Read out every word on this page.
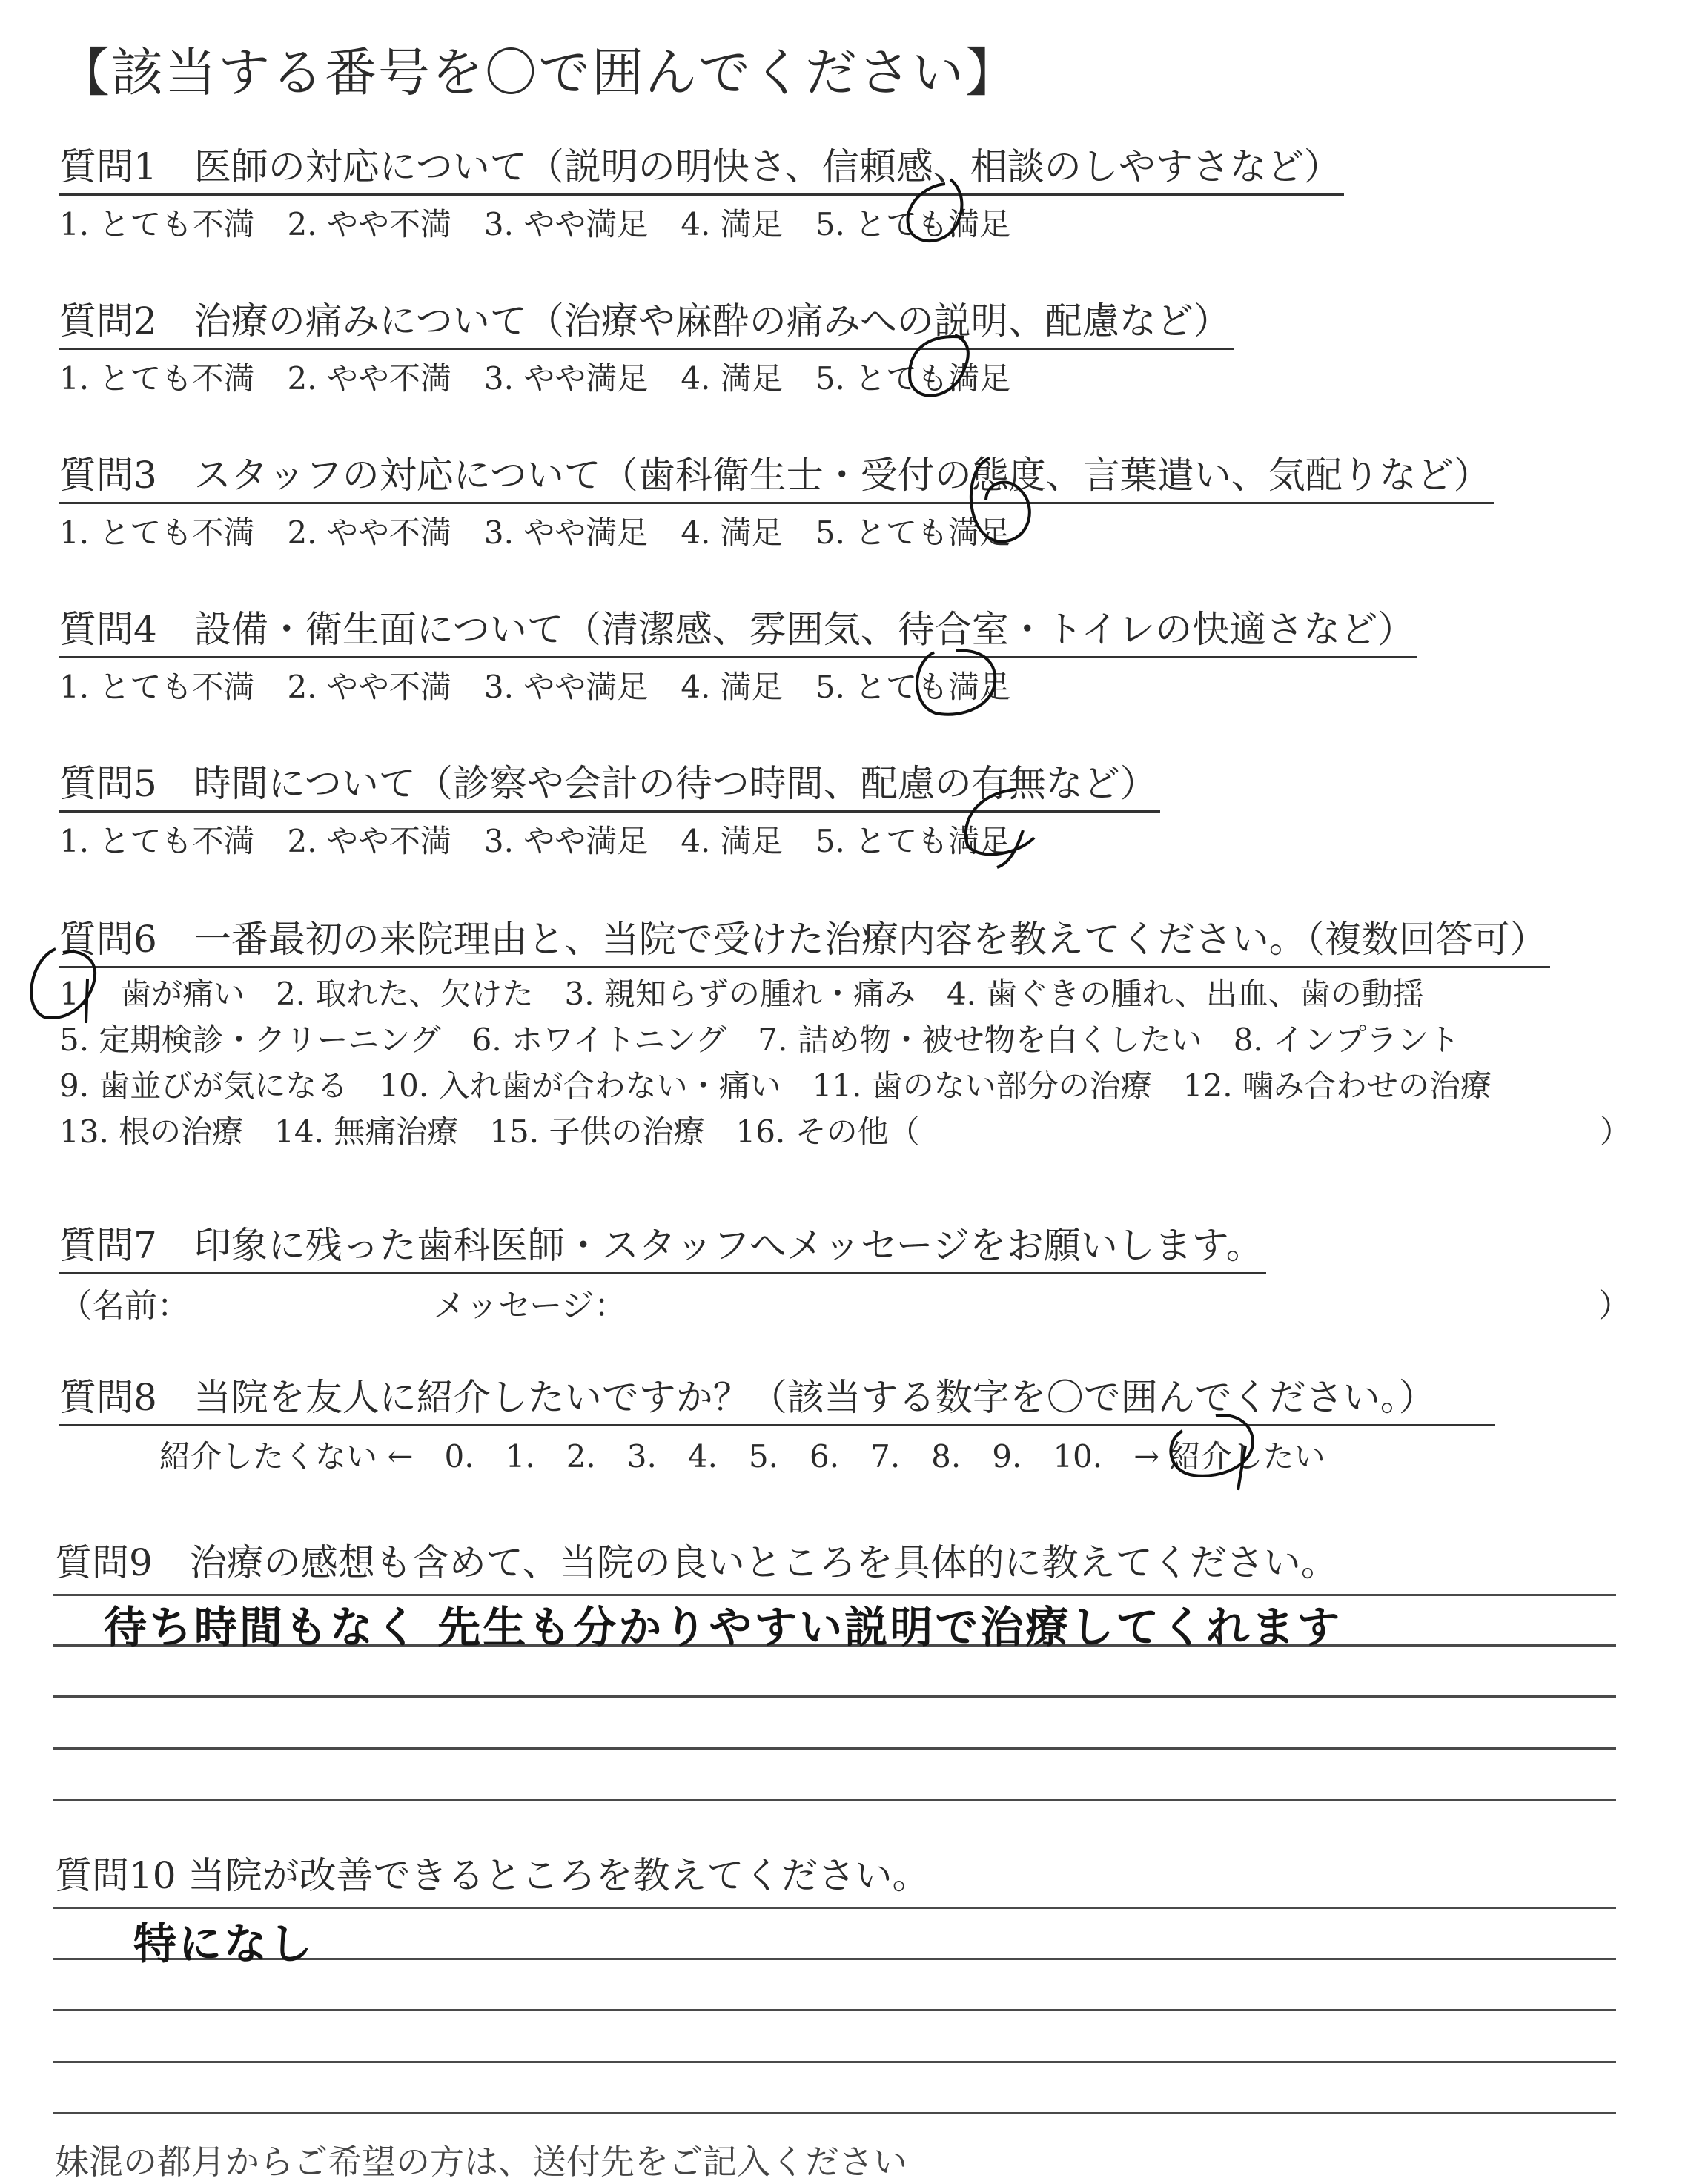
【該当する番号を〇で囲んでください】
質問1　医師の対応について（説明の明快さ、信頼感、相談のしやすさなど）
1. とても不満 2. やや不満 3. やや満足 4. 満足 5. とても満足
質問2　治療の痛みについて（治療や麻酔の痛みへの説明、配慮など）
1. とても不満 2. やや不満 3. やや満足 4. 満足 5. とても満足
質問3　スタッフの対応について（歯科衛生士・受付の態度、言葉遣い、気配りなど）
1. とても不満 2. やや不満 3. やや満足 4. 満足 5. とても満足
質問4　設備・衛生面について（清潔感、雰囲気、待合室・トイレの快適さなど）
1. とても不満 2. やや不満 3. やや満足 4. 満足 5. とても満足
質問5　時間について（診察や会計の待つ時間、配慮の有無など）
1. とても不満 2. やや不満 3. やや満足 4. 満足 5. とても満足
質問6　一番最初の来院理由と、当院で受けた治療内容を教えてください。（複数回答可）
1.　歯が痛い 2. 取れた、欠けた 3. 親知らずの腫れ・痛み 4. 歯ぐきの腫れ、出血、歯の動揺
5. 定期検診・クリーニング 6. ホワイトニング 7. 詰め物・被せ物を白くしたい 8. インプラント
9. 歯並びが気になる 10. 入れ歯が合わない・痛い 11. 歯のない部分の治療 12. 噛み合わせの治療
13. 根の治療 14. 無痛治療 15. 子供の治療 16. その他（	）
質問7　印象に残った歯科医師・スタッフへメッセージをお願いします。
（名前：	メッセージ：	）
質問8　当院を友人に紹介したいですか？（該当する数字を〇で囲んでください。）
紹介したくない ← 0. 1. 2. 3. 4. 5. 6. 7. 8. 9. 10. → 紹介したい
質問9　治療の感想も含めて、当院の良いところを具体的に教えてください。
待ち時間もなく 先生も分かりやすい説明で治療してくれます
質問10 当院が改善できるところを教えてください。
特になし
妹混の都月からご希望の方は、送付先をご記入ください
